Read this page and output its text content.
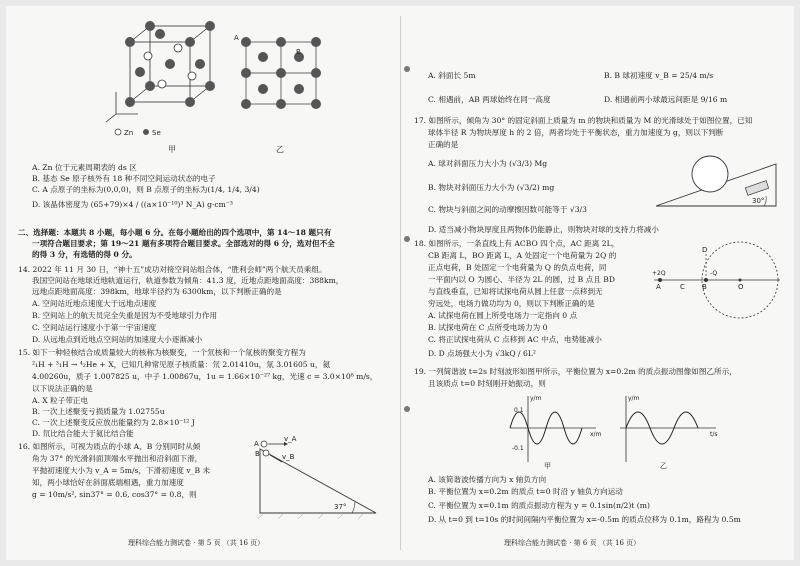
A
B
Zn	Se
甲	乙
A. Zn 位于元素周期表的 ds 区
B. 基态 Se 原子核外有 18 种不同空间运动状态的电子
C. A 点原子的坐标为(0,0,0)，则 B 点原子的坐标为(1/4, 1/4, 3/4)
D. 该晶体密度为 (65+79)×4 / ((a×10⁻¹⁰)³ N_A) g·cm⁻³
二、选择题：本题共 8 小题，每小题 6 分。在每小题给出的四个选项中，第 14～18 题只有
一项符合题目要求；第 19～21 题有多项符合题目要求。全部选对的得 6 分，选对但不全
的得 3 分，有选错的得 0 分。
14. 2022 年 11 月 30 日，“神十五”成功对接空间站组合体，“胜利会师”两个航天员乘组。
我国空间站在地球近地轨道运行，轨道参数为倾角：41.3 度，近地点距地面高度：388km，
远地点距地面高度：398km，地球半径约为 6300km，以下判断正确的是
A. 空间站近地点速度大于远地点速度
B. 空间站上的航天员完全失重是因为不受地球引力作用
C. 空间站运行速度小于第一宇宙速度
D. 从远地点到近地点空间站的加速度大小逐渐减小
15. 如下一种轻核结合成质量较大的核称为核聚变，一个氘核和一个氚核的聚变方程为
²₁H + ³₁H → ⁴₂He + X，已知几种常见原子核质量：氘 2.01410u，氚 3.01605 u，氦
4.00260u，质子 1.007825 u，中子 1.00867u，1u = 1.66×10⁻²⁷ kg，光速 c = 3.0×10⁸ m/s，
以下说法正确的是
A. X 粒子带正电
B. 一次上述聚变亏损质量为 1.02755u
C. 一次上述聚变反应放出能量约为 2.8×10⁻¹² J
D. 氘比结合能大于氦比结合能
16. 如图所示，可视为质点的小球 A、B 分别同时从倾
角为 37° 的光滑斜面顶端水平抛出和沿斜面下滑，
平抛初速度大小为 v_A = 5m/s，下滑初速度 v_B 未
知，两小球恰好在斜面底端相遇，重力加速度
g = 10m/s², sin37° = 0.6, cos37° = 0.8，则
A
B
v_A
v_B
37°
理科综合能力测试卷 · 第 5 页 （共 16 页）
A. 斜面长 5m	B. B 球初速度 v_B = 25/4 m/s
C. 相遇前，AB 两球始终在同一高度	D. 相遇前两小球最远间距是 9/16 m
17. 如图所示，倾角为 30° 的固定斜面上质量为 m 的物块和质量为 M 的光滑球处于如图位置，已知
球体半径 R 为物块厚度 h 的 2 倍，两者均处于平衡状态，重力加速度为 g，则以下判断
正确的是
A. 球对斜面压力大小为 (√3/3) Mg
B. 物块对斜面压力大小为 (√3/2) mg
C. 物块与斜面之间的动摩擦因数可能等于 √3/3
D. 适当减小物块厚度且两物体仍能静止，则物块对球的支持力将减小
30°
18. 如图所示，一条直线上有 ACBO 四个点，AC 距离 2L，
CB 距离 L，BO 距离 L，A 处固定一个电荷量为 2Q 的
正点电荷，B 处固定一个电荷量为 Q 的负点电荷，同
一平面内以 O 为圆心、半径为 2L 的圆，过 B 点且 BD
与直线垂直，已知将试探电荷从圆上任意一点移到无
穷远处，电场力做功均为 0，则以下判断正确的是
A. 试探电荷在圆上所受电场力一定指向 0 点
B. 试探电荷在 C 点所受电场力为 0
C. 将正试探电荷从 C 点移到 AC 中点，电势能减小
D. D 点场强大小为 √3kQ / 6L²
+2Q
A	C B
-Q
O
D
19. 一列简谐波 t=2s 时刻波形如图甲所示，平衡位置为 x=0.2m 的质点振动图像如图乙所示，
且该质点 t=0 时刻刚开始振动，则
y/m
x/m
0.1
-0.1
甲
y/m
t/s
乙
A. 该简谐波传播方向为 x 轴负方向
B. 平衡位置为 x=0.2m 的质点 t=0 时沿 y 轴负方向运动
C. 平衡位置为 x=0.1m 的质点振动方程为 y = 0.1sin(π/2)t (m)
D. 从 t=0 到 t=10s 的时间间隔内平衡位置为 x=-0.5m 的质点位移为 0.1m，路程为 0.5m
理科综合能力测试卷 · 第 6 页 （共 16 页）
